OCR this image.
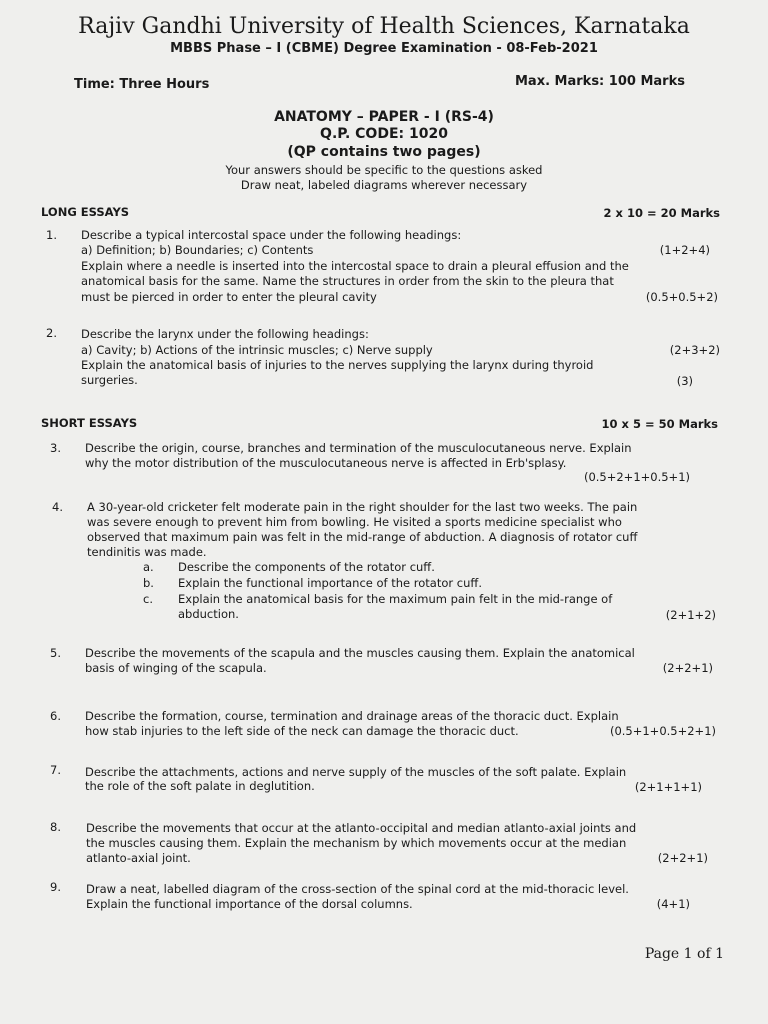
Rajiv Gandhi University of Health Sciences, Karnataka
MBBS Phase – I (CBME) Degree Examination - 08-Feb-2021
Time: Three Hours	Max. Marks: 100 Marks
ANATOMY – PAPER - I (RS-4)
Q.P. CODE: 1020
(QP contains two pages)
Your answers should be specific to the questions asked
Draw neat, labeled diagrams wherever necessary
LONG ESSAYS	2 x 10 = 20 Marks
1. Describe a typical intercostal space under the following headings:
a) Definition; b) Boundaries; c) Contents	(1+2+4)
Explain where a needle is inserted into the intercostal space to drain a pleural effusion and the
anatomical basis for the same. Name the structures in order from the skin to the pleura that
must be pierced in order to enter the pleural cavity	(0.5+0.5+2)
2. Describe the larynx under the following headings:
a) Cavity; b) Actions of the intrinsic muscles; c) Nerve supply	(2+3+2)
Explain the anatomical basis of injuries to the nerves supplying the larynx during thyroid
surgeries.	(3)
SHORT ESSAYS	10 x 5 = 50 Marks
3. Describe the origin, course, branches and termination of the musculocutaneous nerve. Explain
why the motor distribution of the musculocutaneous nerve is affected in Erb'splasy.
(0.5+2+1+0.5+1)
4. A 30-year-old cricketer felt moderate pain in the right shoulder for the last two weeks. The pain
was severe enough to prevent him from bowling. He visited a sports medicine specialist who
observed that maximum pain was felt in the mid-range of abduction. A diagnosis of rotator cuff
tendinitis was made.
a. Describe the components of the rotator cuff.
b. Explain the functional importance of the rotator cuff.
c. Explain the anatomical basis for the maximum pain felt in the mid-range of
abduction.	(2+1+2)
5. Describe the movements of the scapula and the muscles causing them. Explain the anatomical
basis of winging of the scapula.	(2+2+1)
6. Describe the formation, course, termination and drainage areas of the thoracic duct. Explain
how stab injuries to the left side of the neck can damage the thoracic duct.	(0.5+1+0.5+2+1)
7. Describe the attachments, actions and nerve supply of the muscles of the soft palate. Explain
the role of the soft palate in deglutition.	(2+1+1+1)
8. Describe the movements that occur at the atlanto-occipital and median atlanto-axial joints and
the muscles causing them. Explain the mechanism by which movements occur at the median
atlanto-axial joint.	(2+2+1)
9. Draw a neat, labelled diagram of the cross-section of the spinal cord at the mid-thoracic level.
Explain the functional importance of the dorsal columns.	(4+1)
Page 1 of 1
